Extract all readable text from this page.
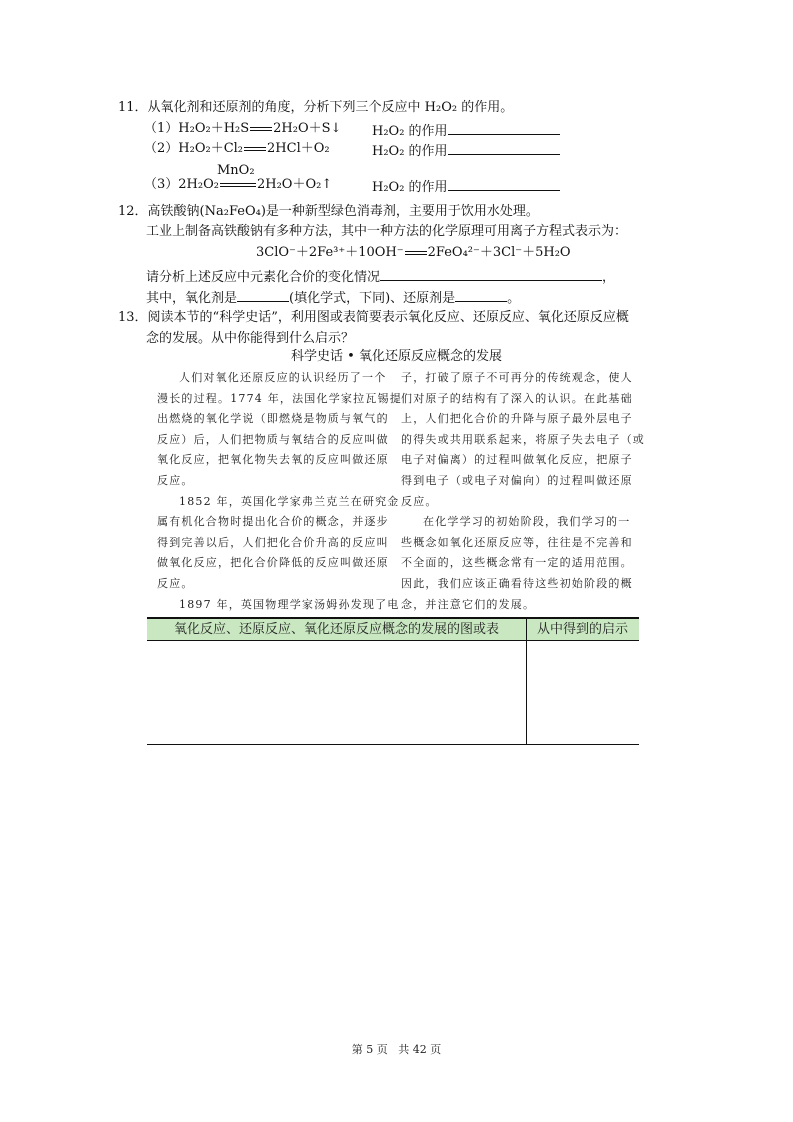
11．从氧化剂和还原剂的角度，分析下列三个反应中 H₂O₂ 的作用。
（1）H₂O₂＋H₂S 2H₂O＋S↓ H₂O₂ 的作用
（2）H₂O₂＋Cl₂ 2HCl＋O₂	H₂O₂ 的作用
（3）2H₂O₂
MnO₂
2H₂O＋O₂↑	H₂O₂ 的作用
12．高铁酸钠(Na₂FeO₄)是一种新型绿色消毒剂，主要用于饮用水处理。
工业上制备高铁酸钠有多种方法，其中一种方法的化学原理可用离子方程式表示为：
3ClO⁻＋2Fe³⁺＋10OH⁻ 2FeO₄²⁻＋3Cl⁻＋5H₂O
请分析上述反应中元素化合价的变化情况	，
其中，氧化剂是	(填化学式，下同)、还原剂是	。
13．阅读本节的“科学史话”，利用图或表简要表示氧化反应、还原反应、氧化还原反应概
念的发展。从中你能得到什么启示？
科学史话 • 氧化还原反应概念的发展
人们对氧化还原反应的认识经历了一个
漫长的过程。1774 年，法国化学家拉瓦锡提
出燃烧的氧化学说（即燃烧是物质与氧气的
反应）后，人们把物质与氧结合的反应叫做
氧化反应，把氧化物失去氧的反应叫做还原
反应。
1852 年，英国化学家弗兰克兰在研究金
属有机化合物时提出化合价的概念，并逐步
得到完善以后，人们把化合价升高的反应叫
做氧化反应，把化合价降低的反应叫做还原
反应。
1897 年，英国物理学家汤姆孙发现了电
子，打破了原子不可再分的传统观念，使人
们对原子的结构有了深入的认识。在此基础
上，人们把化合价的升降与原子最外层电子
的得失或共用联系起来，将原子失去电子（或
电子对偏离）的过程叫做氧化反应，把原子
得到电子（或电子对偏向）的过程叫做还原
反应。
在化学学习的初始阶段，我们学习的一
些概念如氧化还原反应等，往往是不完善和
不全面的，这些概念常有一定的适用范围。
因此，我们应该正确看待这些初始阶段的概
念，并注意它们的发展。
氧化反应、还原反应、氧化还原反应概念的发展的图或表	从中得到的启示
第 5 页 共 42 页
